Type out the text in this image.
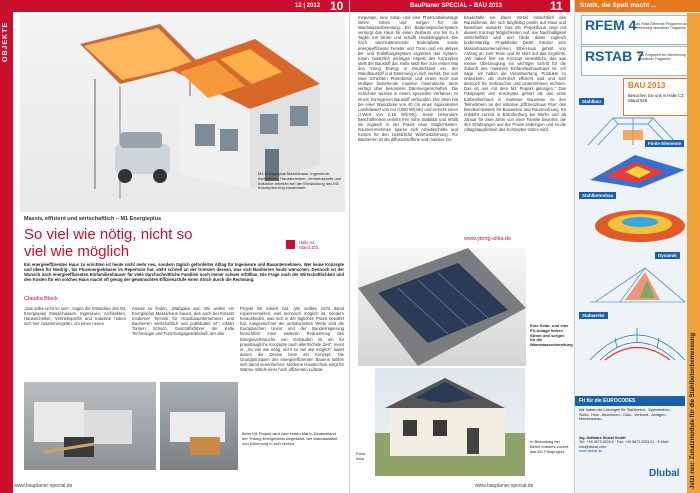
OBJEKTE
12 | 2012 10
M1 Energieplus Massivhaus: Ingenieure, Architekten, Haustechniker, Vertriebsprofis und Industrie arbeiten bei der Entwicklung des M1 Konzeptes eng zusammen.
Massiv, effizient und wirtschaftlich – M1 Energieplus
So viel wie nötig, nicht so
viel wie möglich
Halle A2
Stand 103
Ein energieeffizientes Haus zu errichten ist heute nicht mehr neu, sondern täglich geforderter Alltag für Ingenieure und Bauunternehmen. Wer keine Konzepte und Ideen für Niedrig-, bis Plusenergiehäuser im Repertoire hat, steht schnell an der Grenzen dessen, was sich Bauherren heute wünschen. Dennoch ist der Wunsch nach energieeffizienten Einfamilienhäuser für viele durchschnittliche Familien noch immer schwer erfüllbar. Die Frage nach der Wirtschaftlichkeit und den Kosten für ein solches Haus macht oft genug der gewünschten Effizienzstufe einen Strich durch die Rechnung.
Claudia Block
„Das sollte nicht so sein", sagen die Entwickler des M1 Energieplus Massivhauses. Ingenieure, Architekten, Haustechniker, Vertriebsprofis und Industrie haben sich hier zusammengetan, um einen neuen
Ansatz zu finden. „Maßgabe war: Wir wollen ein Energieplus Massivhaus bauen, das auch bei Einsatz moderner Technik für Hausbauunternehmen und Bauherren wirtschaftlich und praktikabel ist", erklärt Torsten Schoch, Geschäftsführer der Kella Technologie und Forschungsgesellschaft, der das
Projekt mit initiiert hat. „Wir wollten nicht damit experimentieren, was technisch möglich ist, sondern herausfinden, was sich in der täglichen Praxis bewährt hat. Ausgezeichnet der ambitionierten Werte sind die Europäischen Union und der Bundesregierung hinsichtlich einer weiteren Reduzierung des Energieverbrauchs von Gebäuden ist ein für praxistaugliche Konzepte auch allerhöchste Zeit", meint er. „So viel wie nötig, nicht so viel wie möglich" lautet darum die Devise beim M1 Konzept. Die Grundprinzipien des energieeffizienten Bauens lassen sich damit vereinfachen: Moderne Haustechnik sorgt für Wärme mittels einer hoch effizienten Luftwär-
Beim M1 Projekt wird zum ersten Mal in Deutschland der Yhtong Energiestein eingesetzt, der Wandaussteif und Dämmung in sich vereint.
www.bauplaner-special.de
BauPlaner SPECIAL – BAU 2013	11
mepumpe, eine Solar- und eine Photovoltaikanlage liefern Strom und sorgen für die Warmwasserbereitung. Ein Batteriespeichersystem versorgt das Haus für einen Zeitraum von bis zu 5 Tagen mit Strom und schafft Unabhängigkeit. Die hoch wärmedämmende Bodenplatte sowie energieeffiziente Fenster und Türen und ein aktives Be- und Entlüftungssystem ergänzen das System. Einen zusätzlich wichtigen Aspekt des Konzeptes stellt der Baustoff dar. Kella setzt hier zum ersten Mal den Ytong Energy in Deutschland ein, der Wandbaustoff und Dämmung in sich vereint. Der aus zwei Schichten Porenbeton und einem Kern aus Multipor bestehende massive mineralische Stein verfügt über besondere Dämmeigenschaften. Die Schichten werden in einem speziellen Verfahren zu einem homogenen Baustoff verbunden. Der Stein hat bei einer Wanddicke von 40 cm einen äquivalenten Lambdawert von nur 0,060 W/(mK) und erreicht einen U-Wert von 0,15 W/(m²K). Seine besondere Beschaffenheit verleiht ihm hohe Stabilität und erfüllt sie zugleich in der Praxis neue Möglichkeiten. Raumvermehmen sparen sich Arbeitsschritte und Kosten für den zusätzliche Wärmedämmung. Für Bauherren ist die diffusionsoffene und massive Ge-
bäudehülle ein klarer Vorteil hinsichtlich des Raumklimas, der sich langfristig positiv auf Haus und Bewohner auswirkt. Das M1 Projekthaus zeigt mit diesem Konzept Möglichkeiten auf, wie Nachhaltigkeit wirtschaftlich wird und bleibt dabei zugleich bodenständig. Projektleiter Dieter Stricker vom Massivhausunternehmen Elbe-Haus gehört von Anfang an zum Team und ist stolz auf das Ergebnis. „Wir haben hier ein Konzept verwirklicht, das aus meiner Überzeugung ein wichtiger Schritt für die Zukunft des massiven Einfamilienhausbaus ist. Ich sage, wir haben die Verantwortung, Produkte zu entwickeln, die technisch effizient sind und sich dennoch für Verbraucher und Unternehmen rechnen. Das ist uns mit dem M1 Projekt gelungen." Das Pilotprojekt des Konzeptes gehört als das erste Einfamilienhaus in massiver Bauweise zu den Teilnehmern an der Initiative „Effizienzhaus Plus" des Bundesministers für Bauwesen und Raumordnung. Es entsteht zurzeit in Brandenburg bei Berlin und ab Januar für zwei Jahre von einer Familie bewohnt, die ihre Erfahrungen aus der Praxis einbringen und so die Alltagstauglichkeit des Konzeptes testen wird.
www.ytong-silka.de
Eine Solar- und eine PV-Anlage liefern Strom und sorgen für die Warmwasserbereitung.
Fotos: Kella
In Brievalung bei Berlin entsteht zurzeit das M1 Pilotprojekt.
www.bauplaner-special.de
Statik, die Spaß macht ...
RFEM 4
Das Finite-Elemente-Programm zur Berechnung räumlicher Tragwerke
RSTAB 7
Das Programm zur Berechnung räumlicher Tragwerke
BAU 2013
Besuchen Sie uns in Halle C3, Stand 528
Stahlbau
Finite Elemente
Stahlbetonbau
Dynamik
Stabwerke
Fit für die EUROCODES
Wir haben die Lösungen für Stahlbeton-, Spannbeton-, Stahl-, Holz-, Aluminium-, Glas-, Verbund-, Anlagen-, Membranbau.
Ing.-Software Dlubal GmbH
Tel.: +49 9673 9203-0 · Fax: +49 9673 9203-51 · E-Mail: info@dlubal.com
www.dlubal.de
Dlubal Jetzt neu: Zusatzmodule für die Stahlbetonbemessung
